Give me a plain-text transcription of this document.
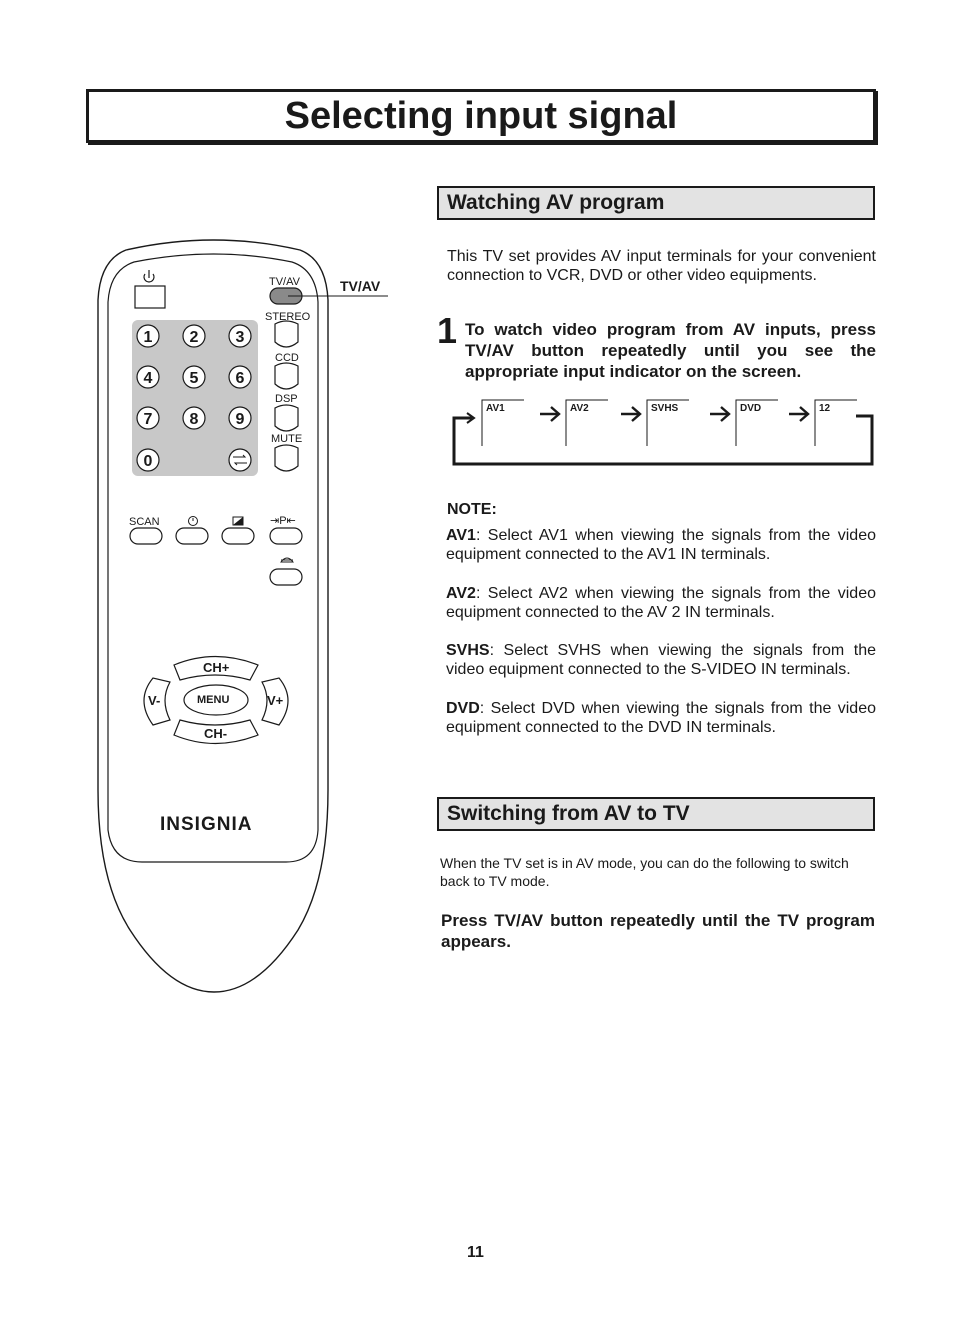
Selecting input signal
1 2 3
4 5 6
7 8 9
0
TV/AV	TV/AV
STEREO
CCD
DSP
MUTE
SCAN	⇥P⇤
CH+
CH-
V-	V+
MENU
INSIGNIA
Watching AV program
This TV set provides AV input terminals for your convenient connection to VCR, DVD or other video equipments.
1 To watch video program from AV inputs, press TV/AV button repeatedly until you see the appropriate input indicator on the screen.
AV1	AV2	SVHS	DVD	12
NOTE:
AV1: Select AV1 when viewing the signals from the video equipment connected to the AV1 IN terminals.
AV2: Select AV2 when viewing the signals from the video equipment connected to the AV 2 IN terminals.
SVHS: Select SVHS when viewing the signals from the video equipment connected to the S-VIDEO IN terminals.
DVD: Select DVD when viewing the signals from the video equipment connected to the DVD IN terminals.
Switching from AV to TV
When the TV set is in AV mode, you can do the following to switch back to TV mode.
Press TV/AV button repeatedly until the TV program appears.
11
